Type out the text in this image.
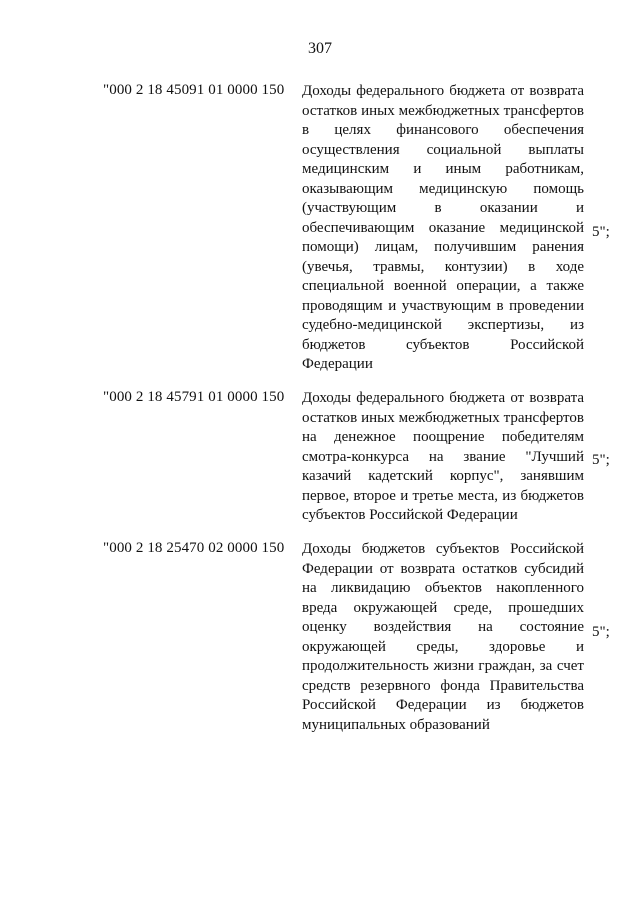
307
"000 2 18 45091 01 0000 150 Доходы федерального бюджета от возврата остатков иных межбюджетных трансфертов в целях финансового обеспечения осуществления социальной выплаты медицинским и иным работникам, оказывающим медицинскую помощь (участвующим в оказании и обеспечивающим оказание медицинской помощи) лицам, получившим ранения (увечья, травмы, контузии) в ходе специальной военной операции, а также проводящим и участвующим в проведении судебно-медицинской экспертизы, из бюджетов субъектов Российской Федерации
5";
"000 2 18 45791 01 0000 150 Доходы федерального бюджета от возврата остатков иных межбюджетных трансфертов на денежное поощрение победителям смотра-конкурса на звание "Лучший казачий кадетский корпус", занявшим первое, второе и третье места, из бюджетов субъектов Российской Федерации
5";
"000 2 18 25470 02 0000 150 Доходы бюджетов субъектов Российской Федерации от возврата остатков субсидий на ликвидацию объектов накопленного вреда окружающей среде, прошедших оценку воздействия на состояние окружающей среды, здоровье и продолжительность жизни граждан, за счет средств резервного фонда Правительства Российской Федерации из бюджетов муниципальных образований
5";
